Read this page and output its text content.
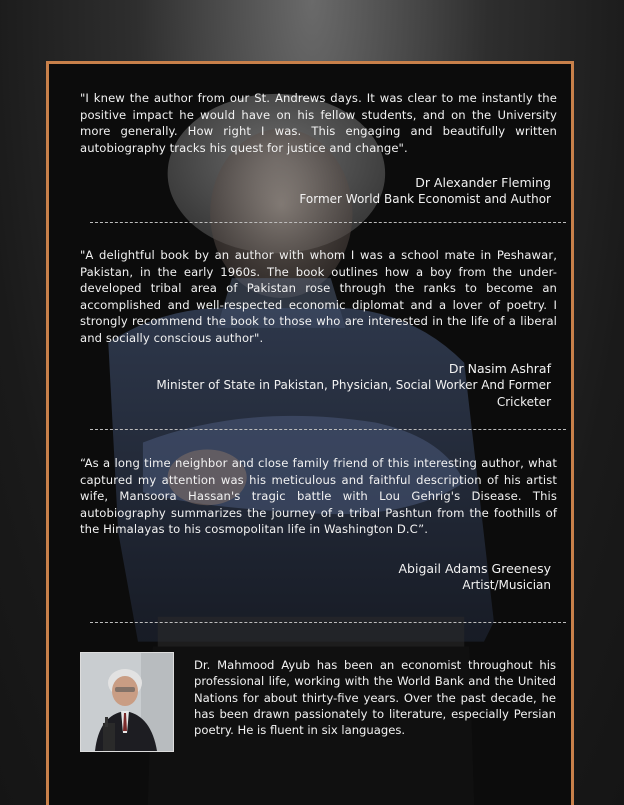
"I knew the author from our St. Andrews days. It was clear to me instantly the positive impact he would have on his fellow students, and on the University more generally. How right I was. This engaging and beautifully written autobiography tracks his quest for justice and change".

Dr Alexander Fleming
Former World Bank Economist and Author

"A delightful book by an author with whom I was a school mate in Peshawar, Pakistan, in the early 1960s. The book outlines how a boy from the under-developed tribal area of Pakistan rose through the ranks to become an accomplished and well-respected economic diplomat and a lover of poetry. I strongly recommend the book to those who are interested in the life of a liberal and socially conscious author".

Dr Nasim Ashraf
Minister of State in Pakistan, Physician, Social Worker And Former Cricketer

“As a long time neighbor and close family friend of this interesting author, what captured my attention was his meticulous and faithful description of his artist wife, Mansoora Hassan's tragic battle with Lou Gehrig's Disease. This autobiography summarizes the journey of a tribal Pashtun from the foothills of the Himalayas to his cosmopolitan life in Washington D.C”.

Abigail Adams Greenesy
Artist/Musician

Dr. Mahmood Ayub has been an economist throughout his professional life, working with the World Bank and the United Nations for about thirty-five years. Over the past decade, he has been drawn passionately to literature, especially Persian poetry. He is fluent in six languages.
